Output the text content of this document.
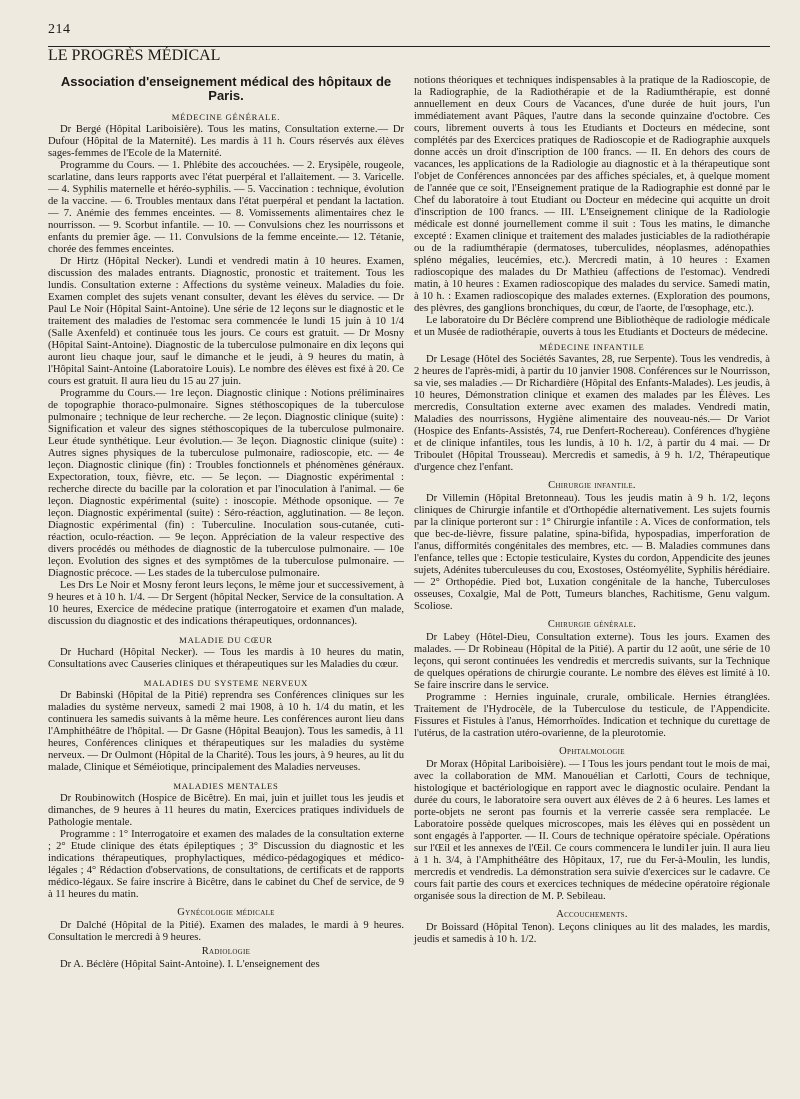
214
LE PROGRÈS MÉDICAL
Association d'enseignement médical des hôpitaux de Paris.
MÉDECINE GÉNÉRALE.

Dr Bergé (Hôpital Lariboisière). Tous les matins, Consultation externe.— Dr Dufour (Hôpital de la Maternité). Les mardis à 11 h. Cours réservés aux élèves sages-femmes de l'Ecole de la Maternité.

Programme du Cours. — 1. Phlébite des accouchées. — 2. Erysipèle, rougeole, scarlatine, dans leurs rapports avec l'état puerpéral et l'allaitement. — 3. Varicelle. — 4. Syphilis maternelle et héréo-syphilis. — 5. Vaccination : technique, évolution de la vaccine. — 6. Troubles mentaux dans l'état puerpéral et pendant la lactation. — 7. Anémie des femmes enceintes. — 8. Vomissements alimentaires chez le nourrisson. — 9. Scorbut infantile. — 10. — Convulsions chez les nourrissons et enfants du premier âge. — 11. Convulsions de la femme enceinte.— 12. Tétanie, chorée des femmes enceintes.

Dr Hirtz (Hôpital Necker). Lundi et vendredi matin à 10 heures. Examen, discussion des malades entrants. Diagnostic, pronostic et traitement. Tous les lundis. Consultation externe : Affections du système veineux. Maladies du foie. Examen complet des sujets venant consulter, devant les élèves du service. — Dr Paul Le Noir (Hôpital Saint-Antoine). Une série de 12 leçons sur le diagnostic et le traitement des maladies de l'estomac sera commencée le lundi 15 juin à 10 1/4 (Salle Axenfeld) et continuée tous les jours. Ce cours est gratuit. — Dr Mosny (Hôpital Saint-Antoine). Diagnostic de la tuberculose pulmonaire en dix leçons qui auront lieu chaque jour, sauf le dimanche et le jeudi, à 9 heures du matin, à l'Hôpital Saint-Antoine (Laboratoire Louis). Le nombre des élèves est fixé à 20. Ce cours est gratuit. Il aura lieu du 15 au 27 juin.

Programme du Cours.— 1re leçon. Diagnostic clinique : Notions préliminaires de topographie thoraco-pulmonaire. Signes stéthoscopiques de la tuberculose pulmonaire ; technique de leur recherche. — 2e leçon. Diagnostic clinique (suite) : Signification et valeur des signes stéthoscopiques de la tuberculose pulmonaire. Leur étude synthétique. Leur évolution.— 3e leçon. Diagnostic clinique (suite) : Autres signes physiques de la tuberculose pulmonaire, radioscopie, etc. — 4e leçon. Diagnostic clinique (fin) : Troubles fonctionnels et phénomènes généraux. Expectoration, toux, fièvre, etc. — 5e leçon. — Diagnostic expérimental : recherche directe du bacille par la coloration et par l'inoculation à l'animal. — 6e leçon. Diagnostic expérimental (suite) : inoscopie. Méthode opsonique. — 7e leçon. Diagnostic expérimental (suite) : Séro-réaction, agglutination. — 8e leçon. Diagnostic expérimental (fin) : Tuberculine. Inoculation sous-cutanée, cuti-réaction, oculo-réaction. — 9e leçon. Appréciation de la valeur respective des divers procédés ou méthodes de diagnostic de la tuberculose pulmonaire. — 10e leçon. Evolution des signes et des symptômes de la tuberculose pulmonaire. — Diagnostic précoce. — Les stades de la tuberculose pulmonaire.

Les Drs Le Noir et Mosny feront leurs leçons, le même jour et successivement, à 9 heures et à 10 h. 1/4. — Dr Sergent (hôpital Necker, Service de la consultation. A 10 heures, Exercice de médecine pratique (interrogatoire et examen d'un malade, discussion du diagnostic et des indications thérapeutiques, ordonnances).

MALADIE DU CŒUR

Dr Huchard (Hôpital Necker). — Tous les mardis à 10 heures du matin, Consultations avec Causeries cliniques et thérapeutiques sur les Maladies du cœur.

MALADIES DU SYSTEME NERVEUX

Dr Babinski (Hôpital de la Pitié) reprendra ses Conférences cliniques sur les maladies du système nerveux, samedi 2 mai 1908, à 10 h. 1/4 du matin, et les continuera les samedis suivants à la même heure. Les conférences auront lieu dans l'Amphithéâtre de l'hôpital. — Dr Gasne (Hôpital Beaujon). Tous les samedis, à 11 heures, Conférences cliniques et thérapeutiques sur les maladies du système nerveux. — Dr Oulmont (Hôpital de la Charité). Tous les jours, à 9 heures, au lit du malade, Clinique et Séméiotique, principalement des Maladies nerveuses.

MALADIES MENTALES

Dr Roubinowitch (Hospice de Bicêtre). En mai, juin et juillet tous les jeudis et dimanches, de 9 heures à 11 heures du matin, Exercices pratiques individuels de Pathologie mentale.

Programme : 1° Interrogatoire et examen des malades de la consultation externe ; 2° Etude clinique des états épileptiques ; 3° Discussion du diagnostic et les indications thérapeutiques, prophylactiques, médico-pédagogiques et médico-légales ; 4° Rédaction d'observations, de consultations, de certificats et de rapports médico-légaux. Se faire inscrire à Bicêtre, dans le cabinet du Chef de service, de 9 à 11 heures du matin.

Gynécologie médicale

Dr Dalché (Hôpital de la Pitié). Examen des malades, le mardi à 9 heures. Consultation le mercredi à 9 heures.

Radiologie

Dr A. Béclère (Hôpital Saint-Antoine). I. L'enseignement des

notions théoriques et techniques indispensables à la pratique de la Radioscopie, de la Radiographie, de la Radiothérapie et de la Radiumthérapie, est donné annuellement en deux Cours de Vacances, d'une durée de huit jours, l'un immédiatement avant Pâques, l'autre dans la seconde quinzaine d'octobre. Ces cours, librement ouverts à tous les Etudiants et Docteurs en médecine, sont complétés par des Exercices pratiques de Radioscopie et de Radiographie auxquels donne accès un droit d'inscription de 100 francs. — II. En dehors des cours de vacances, les applications de la Radiologie au diagnostic et à la thérapeutique sont l'objet de Conférences annoncées par des affiches spéciales, et, à quelque moment de l'année que ce soit, l'Enseignement pratique de la Radiographie est donné par le Chef du laboratoire à tout Etudiant ou Docteur en médecine qui acquitte un droit d'inscription de 100 francs. — III. L'Enseignement clinique de la Radiologie médicale est donné journellement comme il suit : Tous les matins, le dimanche excepté : Examen clinique et traitement des malades justiciables de la radiothérapie ou de la radiumthérapie (dermatoses, tuberculides, néoplasmes, adénopathies spléno mégalies, leucémies, etc.). Mercredi matin, à 10 heures : Examen radioscopique des malades du Dr Mathieu (affections de l'estomac). Vendredi matin, à 10 heures : Examen radioscopique des malades du service. Samedi matin, à 10 h. : Examen radioscopique des malades externes. (Exploration des poumons, des plèvres, des ganglions bronchiques, du cœur, de l'aorte, de l'œsophage, etc.).

Le laboratoire du Dr Béclère comprend une Bibliothèque de radiologie médicale et un Musée de radiothérapie, ouverts à tous les Etudiants et Docteurs de médecine.

MÉDECINE INFANTILE

Dr Lesage (Hôtel des Sociétés Savantes, 28, rue Serpente). Tous les vendredis, à 2 heures de l'après-midi, à partir du 10 janvier 1908. Conférences sur le Nourrisson, sa vie, ses maladies .— Dr Richardière (Hôpital des Enfants-Malades). Les jeudis, à 10 heures, Démonstration clinique et examen des malades par les Élèves. Les mercredis, Consultation externe avec examen des malades. Vendredi matin, Maladies des nourrissons, Hygiène alimentaire des nouveau-nés.— Dr Variot (Hospice des Enfants-Assistés, 74, rue Denfert-Rochereau). Conférences d'hygiène et de clinique infantiles, tous les lundis, à 10 h. 1/2, à partir du 4 mai. — Dr Triboulet (Hôpital Trousseau). Mercredis et samedis, à 9 h. 1/2, Thérapeutique d'urgence chez l'enfant.

Chirurgie infantile.

Dr Villemin (Hôpital Bretonneau). Tous les jeudis matin à 9 h. 1/2, leçons cliniques de Chirurgie infantile et d'Orthopédie alternativement. Les sujets fournis par la clinique porteront sur : 1° Chirurgie infantile : A. Vices de conformation, tels que bec-de-lièvre, fissure palatine, spina-bifida, hypospadias, imperforation de l'anus, difformités congénitales des membres, etc. — B. Maladies communes dans l'enfance, telles que : Ectopie testiculaire, Kystes du cordon, Appendicite des jeunes sujets, Adénites tuberculeuses du cou, Exostoses, Ostéomyélite, Syphilis hérédiaire.— 2° Orthopédie. Pied bot, Luxation congénitale de la hanche, Tuberculoses osseuses, Coxalgie, Mal de Pott, Tumeurs blanches, Rachitisme, Genu valgum. Scoliose.

Chirurgie générale.

Dr Labey (Hôtel-Dieu, Consultation externe). Tous les jours. Examen des malades. — Dr Robineau (Hôpital de la Pitié). A partir du 12 août, une série de 10 leçons, qui seront continuées les vendredis et mercredis suivants, sur la Technique de quelques opérations de chirurgie courante. Le nombre des élèves est limité à 10. Se faire inscrire dans le service.

Programme : Hernies inguinale, crurale, ombilicale. Hernies étranglées. Traitement de l'Hydrocèle, de la Tuberculose du testicule, de l'Appendicite. Fissures et Fistules à l'anus, Hémorrhoïdes. Indication et technique du curettage de l'utérus, de la castration utéro-ovarienne, de la pleurotomie.

Ophtalmologie

Dr Morax (Hôpital Lariboisière). — I Tous les jours pendant tout le mois de mai, avec la collaboration de MM. Manouélian et Carlotti, Cours de technique, histologique et bactériologique en rapport avec le diagnostic oculaire. Pendant la durée du cours, le laboratoire sera ouvert aux élèves de 2 à 6 heures. Les lames et porte-objets ne seront pas fournis et la verrerie cassée sera remplacée. Le Laboratoire possède quelques microscopes, mais les élèves qui en possèdent un sont engagés à l'apporter. — II. Cours de technique opératoire spéciale. Opérations sur l'Œil et les annexes de l'Œil. Ce cours commencera le lundi1er juin. Il aura lieu à 1 h. 3/4, à l'Amphithéâtre des Hôpitaux, 17, rue du Fer-à-Moulin, les lundis, mercredis et vendredis. La démonstration sera suivie d'exercices sur le cadavre. Ce cours fait partie des cours et exercices techniques de médecine opératoire régionale organisée sous la direction de M. P. Sebileau.

Accouchements.

Dr Boissard (Hôpital Tenon). Leçons cliniques au lit des malades, les mardis, jeudis et samedis à 10 h. 1/2.
